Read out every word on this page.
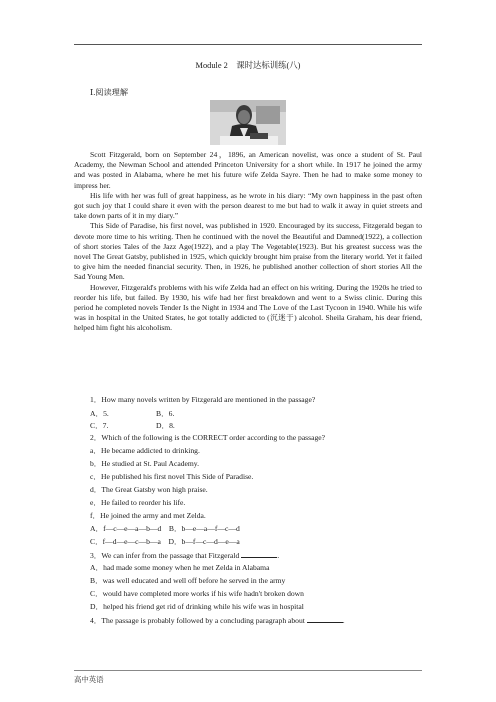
Module 2　课时达标训练(八)
Ⅰ.阅读理解

Scott Fitzgerald, born on September 24，1896, an American novelist, was once a student of St. Paul Academy, the Newman School and attended Princeton University for a short while. In 1917 he joined the army and was posted in Alabama, where he met his future wife Zelda Sayre. Then he had to make some money to impress her.

His life with her was full of great happiness, as he wrote in his diary: “My own happiness in the past often got such joy that I could share it even with the person dearest to me but had to walk it away in quiet streets and take down parts of it in my diary.”

This Side of Paradise, his first novel, was published in 1920. Encouraged by its success, Fitzgerald began to devote more time to his writing. Then he continued with the novel the Beautiful and Damned(1922), a collection of short stories Tales of the Jazz Age(1922), and a play The Vegetable(1923). But his greatest success was the novel The Great Gatsby, published in 1925, which quickly brought him praise from the literary world. Yet it failed to give him the needed financial security. Then, in 1926, he published another collection of short stories All the Sad Young Men.

However, Fitzgerald's problems with his wife Zelda had an effect on his writing. During the 1920s he tried to reorder his life, but failed. By 1930, his wife had her first breakdown and went to a Swiss clinic. During this period he completed novels Tender Is the Night in 1934 and The Love of the Last Tycoon in 1940. While his wife was in hospital in the United States, he got totally addicted to (沉迷于) alcohol. Sheila Graham, his dear friend, helped him fight his alcoholism.

1．How many novels written by Fitzgerald are mentioned in the passage?
A．5.	B．6.
C．7.	D．8.
2．Which of the following is the CORRECT order according to the passage?
a．He became addicted to drinking.
b．He studied at St. Paul Academy.
c．He published his first novel This Side of Paradise.
d．The Great Gatsby won high praise.
e．He failed to reorder his life.
f．He joined the army and met Zelda.
A．f—c—e—a—b—d　B．b—e—a—f—c—d
C．f—d—e—c—b—a　D．b—f—c—d—e—a
3．We can infer from the passage that Fitzgerald	.
A．had made some money when he met Zelda in Alabama
B．was well educated and well off before he served in the army
C．would have completed more works if his wife hadn't broken down
D．helped his friend get rid of drinking while his wife was in hospital
4．The passage is probably followed by a concluding paragraph about	.
高中英语
